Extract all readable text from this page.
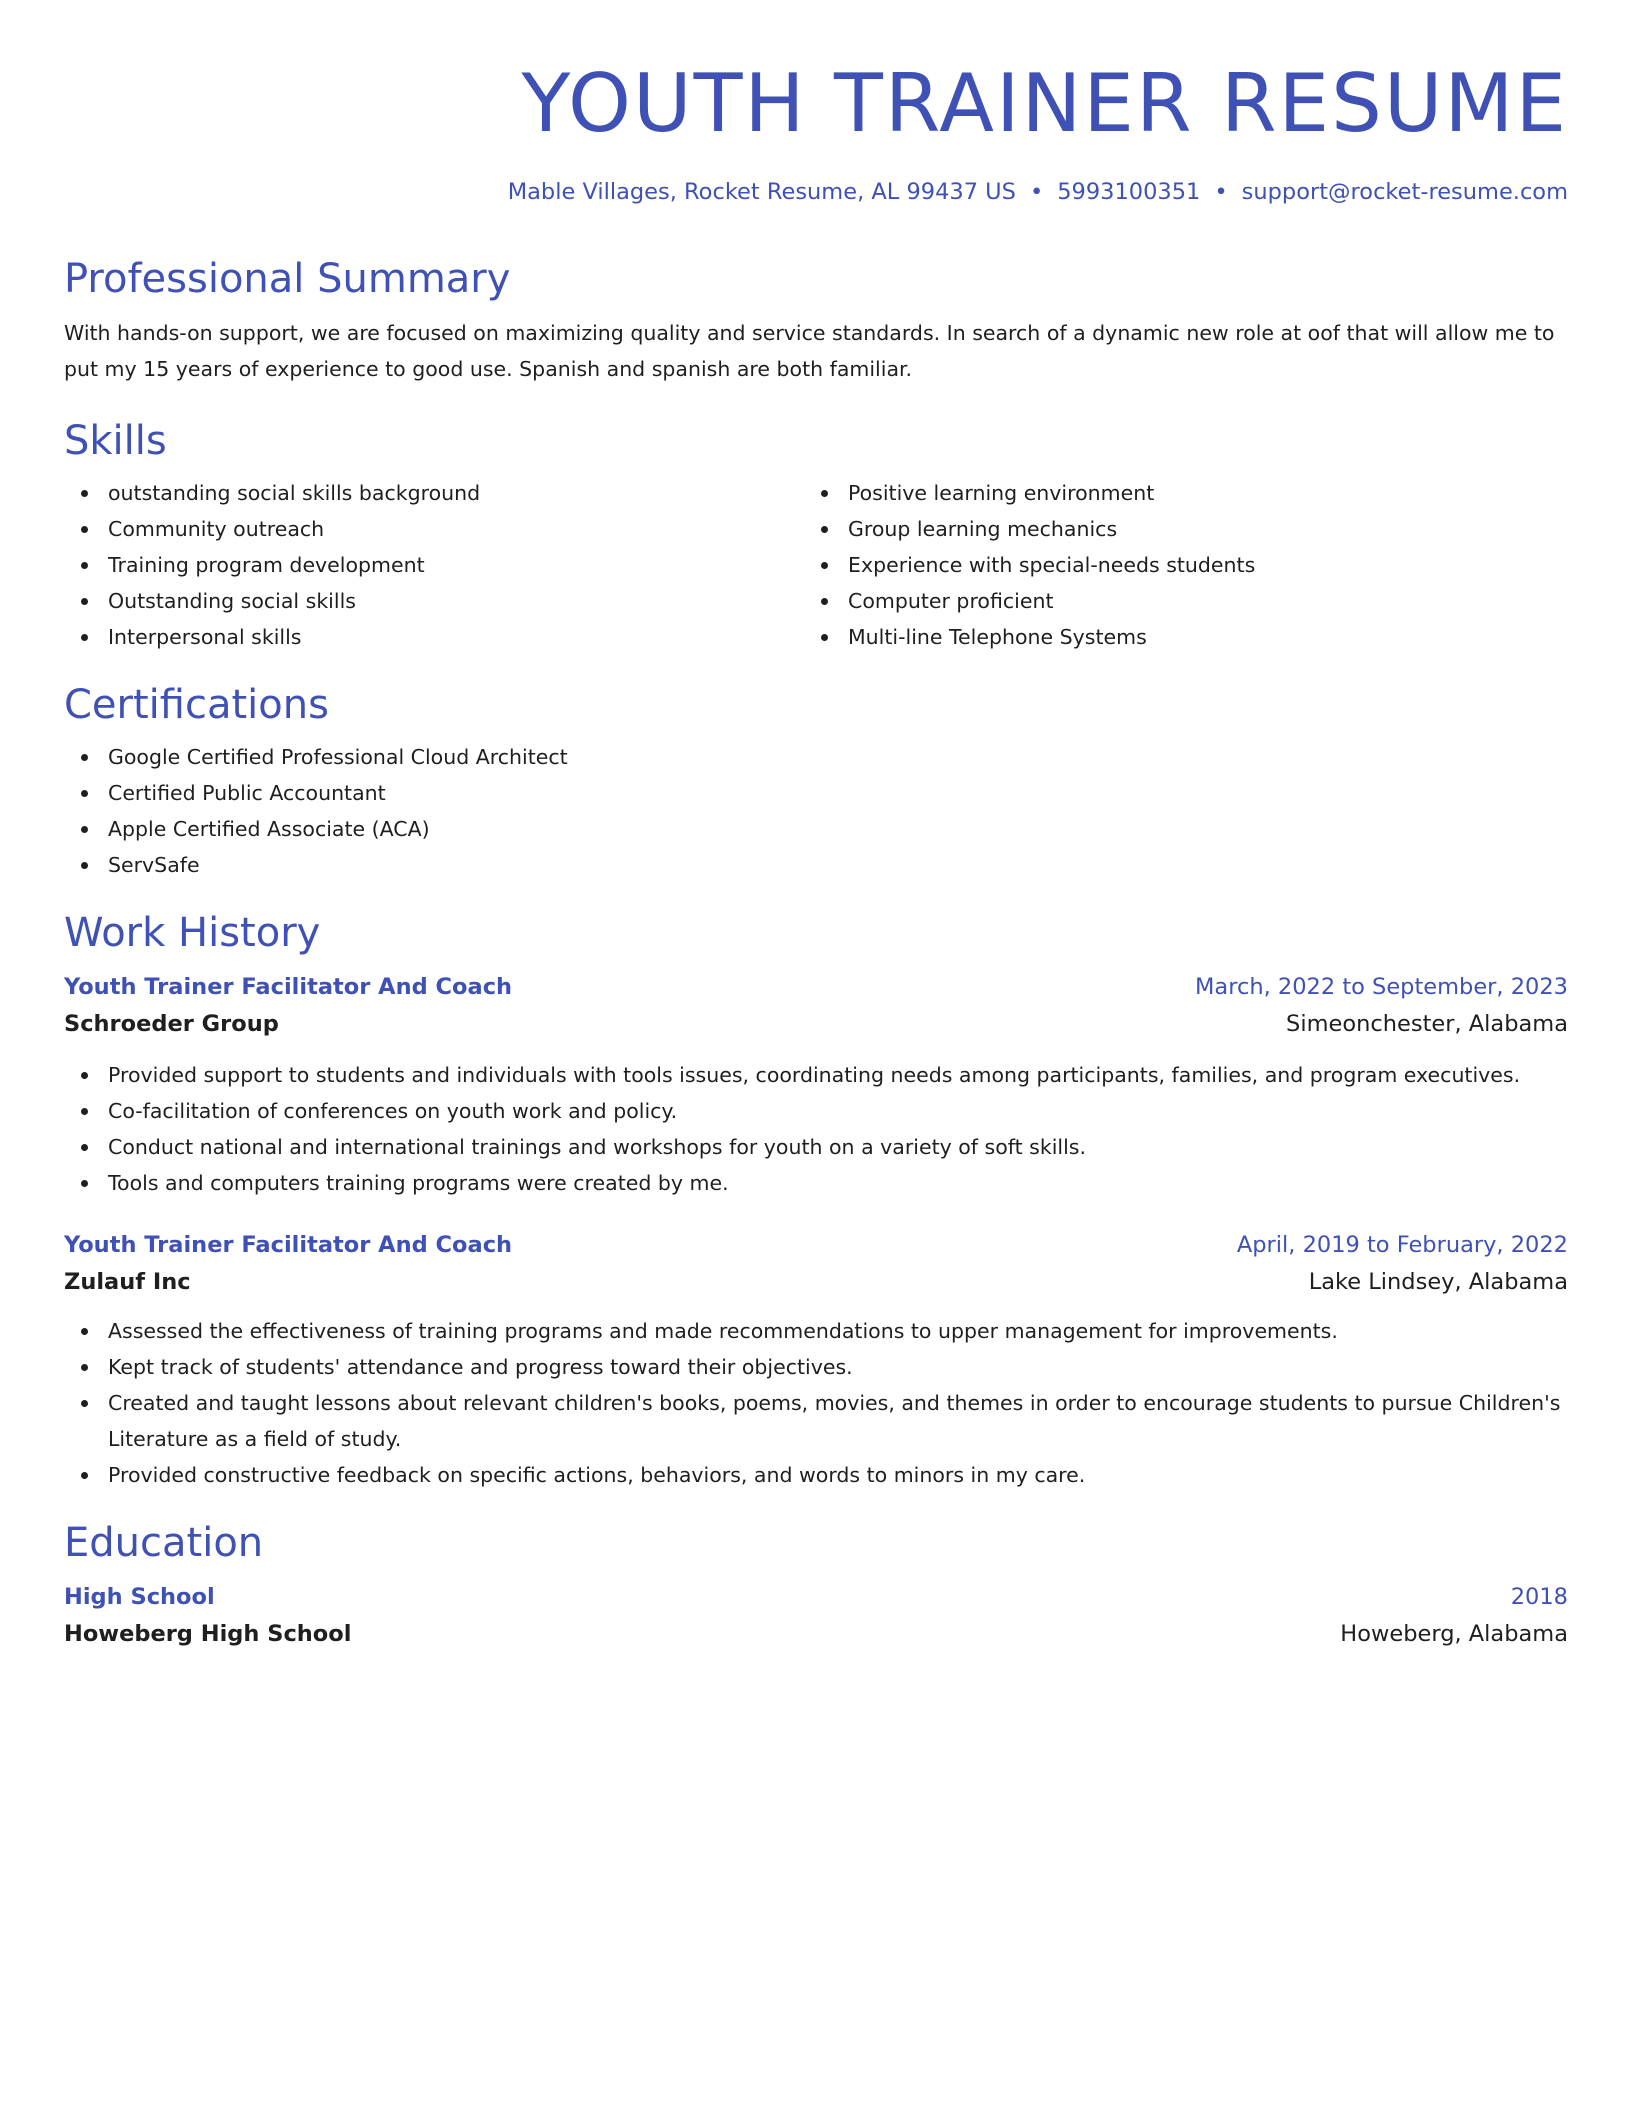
YOUTH TRAINER RESUME
Mable Villages, Rocket Resume, AL 99437 US • 5993100351 • support@rocket-resume.com
Professional Summary
With hands-on support, we are focused on maximizing quality and service standards. In search of a dynamic new role at oof that will allow me to put my 15 years of experience to good use. Spanish and spanish are both familiar.
Skills
outstanding social skills background
Community outreach
Training program development
Outstanding social skills
Interpersonal skills
Positive learning environment
Group learning mechanics
Experience with special-needs students
Computer proficient
Multi-line Telephone Systems
Certifications
Google Certified Professional Cloud Architect
Certified Public Accountant
Apple Certified Associate (ACA)
ServSafe
Work History
Youth Trainer Facilitator And Coach	March, 2022 to September, 2023
Schroeder Group	Simeonchester, Alabama
Provided support to students and individuals with tools issues, coordinating needs among participants, families, and program executives.
Co-facilitation of conferences on youth work and policy.
Conduct national and international trainings and workshops for youth on a variety of soft skills.
Tools and computers training programs were created by me.
Youth Trainer Facilitator And Coach	April, 2019 to February, 2022
Zulauf Inc	Lake Lindsey, Alabama
Assessed the effectiveness of training programs and made recommendations to upper management for improvements.
Kept track of students' attendance and progress toward their objectives.
Created and taught lessons about relevant children's books, poems, movies, and themes in order to encourage students to pursue Children's Literature as a field of study.
Provided constructive feedback on specific actions, behaviors, and words to minors in my care.
Education
High School	2018
Howeberg High School	Howeberg, Alabama
